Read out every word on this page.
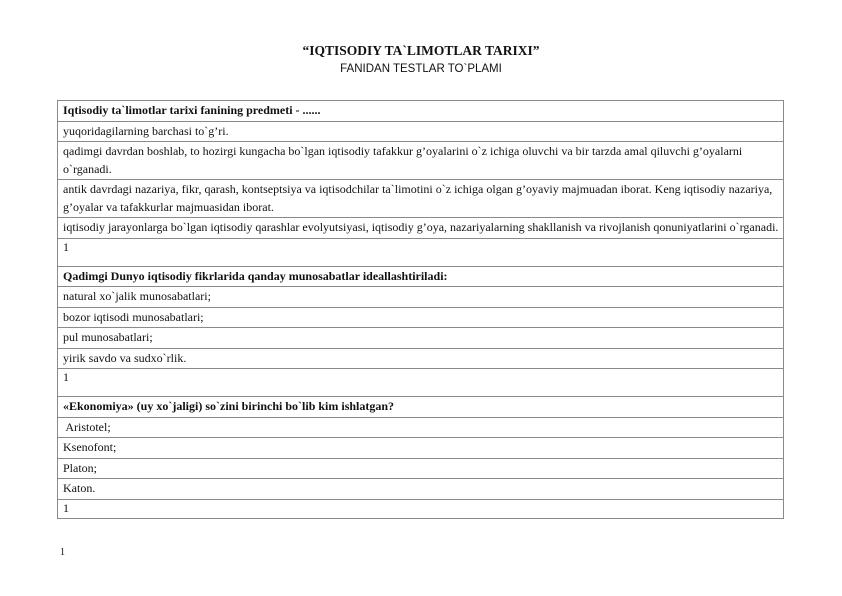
“IQTISODIY TA`LIMOTLAR TARIXI”
FANIDAN TESTLAR TO`PLAMI
Iqtisodiy ta`limotlar tarixi fanining predmeti - ......
yuqoridagilarning barchasi to`g’ri.
qadimgi davrdan boshlab, to hozirgi kungacha bo`lgan iqtisodiy tafakkur g’oyalarini o`z ichiga oluvchi va bir tarzda amal qiluvchi g’oyalarni o`rganadi.
antik davrdagi nazariya, fikr, qarash, kontseptsiya va iqtisodchilar ta`limotini o`z ichiga olgan g’oyaviy majmuadan iborat. Keng iqtisodiy nazariya, g’oyalar va tafakkurlar majmuasidan iborat.
iqtisodiy jarayonlarga bo`lgan iqtisodiy qarashlar evolyutsiyasi, iqtisodiy g’oya, nazariyalarning shakllanish va rivojlanish qonuniyatlarini o`rganadi.
1
Qadimgi Dunyo iqtisodiy fikrlarida qanday munosabatlar ideallashtiriladi:
natural xo`jalik munosabatlari;
bozor iqtisodi munosabatlari;
pul munosabatlari;
yirik savdo va sudxo`rlik.
1
«Ekonomiya» (uy xo`jaligi) so`zini birinchi bo`lib kim ishlatgan?
Aristotel;
Ksenofont;
Platon;
Katon.
1
1
